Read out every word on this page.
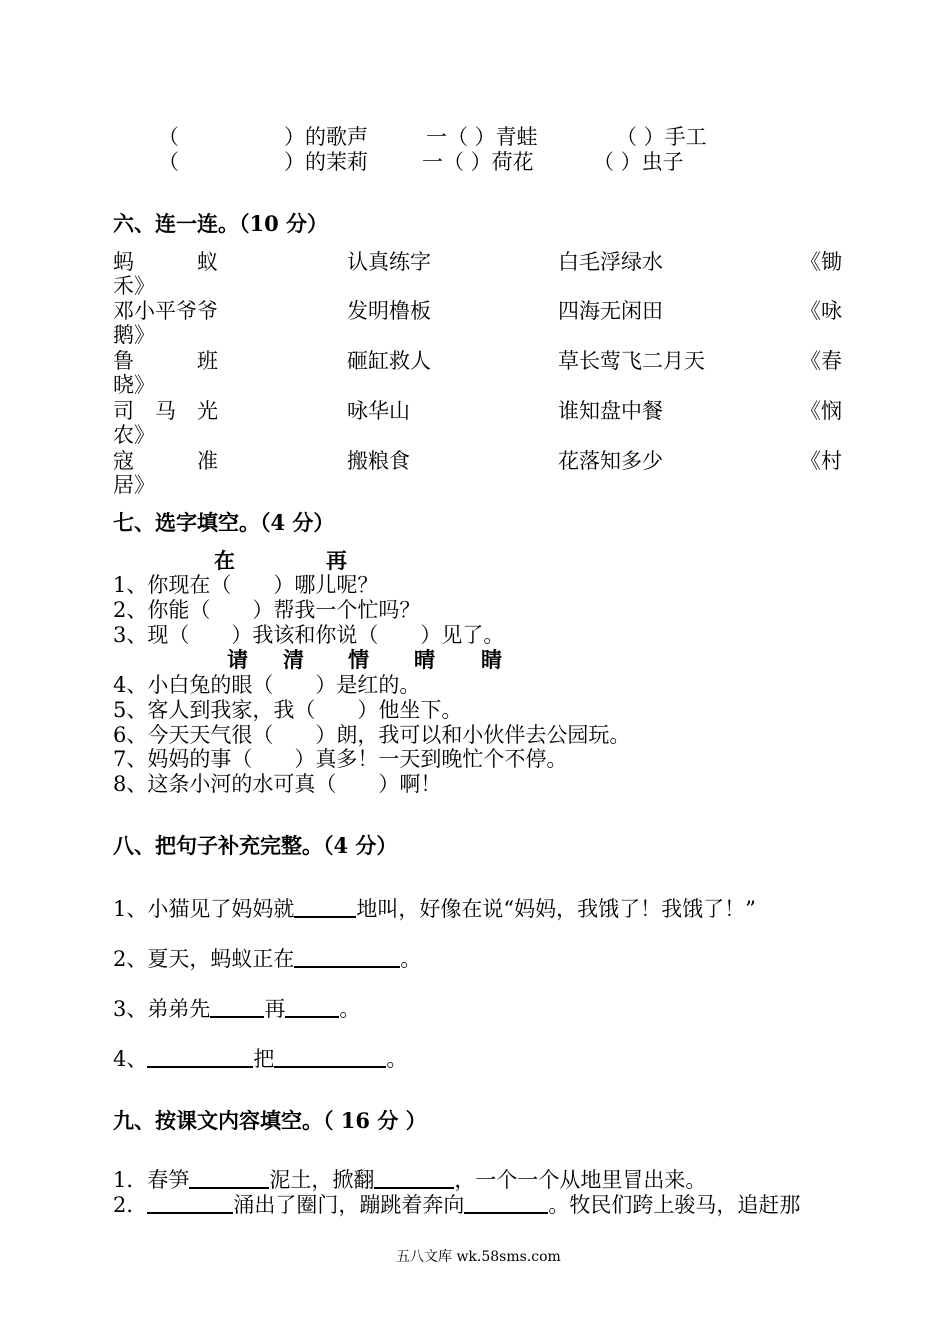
（	）的歌声	一（ ）青蛙	（ ）手工
（	）的茉莉	一（ ）荷花	（ ）虫子
六、连一连。（10 分）
蚂　　　蚁	认真练字	白毛浮绿水	《锄
禾》
邓小平爷爷	发明橹板	四海无闲田	《咏
鹅》
鲁　　　班	砸缸救人	草长莺飞二月天	《春
晓》
司　马　光	咏华山	谁知盘中餐	《悯
农》
寇　　　准	搬粮食	花落知多少	《村
居》
七、选字填空。（4 分）
在	再
1、你现在（　　）哪儿呢？
2、你能（　　）帮我一个忙吗？
3、现（　　）我该和你说（　　）见了。
请 清 情 晴 睛
4、小白兔的眼（　　）是红的。
5、客人到我家，我（　　）他坐下。
6、今天天气很（　　）朗，我可以和小伙伴去公园玩。
7、妈妈的事（　　）真多！一天到晚忙个不停。
8、这条小河的水可真（　　）啊！
八、把句子补充完整。（4 分）
1、小猫见了妈妈就	地叫，好像在说“妈妈，我饿了！我饿了！”
2、夏天，蚂蚁正在	。
3、弟弟先	再	。
4、	把	。
九、按课文内容填空。（ 16 分 ）
1．春笋	泥土，掀翻	，一个一个从地里冒出来。
2．	涌出了圈门，蹦跳着奔向	。牧民们跨上骏马，追赶那
五八文库 wk.58sms.com
